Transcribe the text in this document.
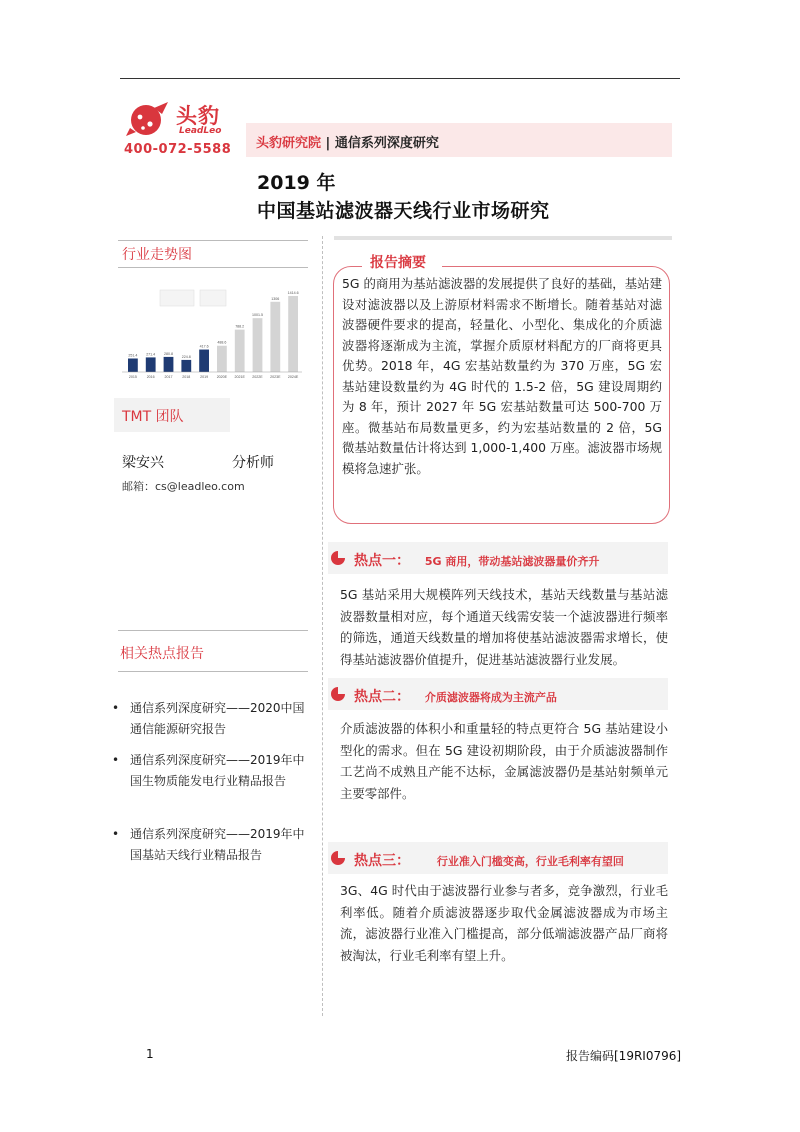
头豹
LeadLeo
400-072-5588 头豹研究院 | 通信系列深度研究
2019 年
中国基站滤波器天线行业市场研究
行业走势图
251.4
2015
271.4
2016
280.8
2017
224.8
2018
417.6
2019
488.6
2020E
788.2
2021E
1001.5
2022E
1306
2023E
1414.6
2024E
TMT 团队
梁安兴	分析师
邮箱：cs@leadleo.com
相关热点报告
• 通信系列深度研究——2020中国通信能源研究报告
• 通信系列深度研究——2019年中国生物质能发电行业精品报告
• 通信系列深度研究——2019年中国基站天线行业精品报告
报告摘要
5G 的商用为基站滤波器的发展提供了良好的基础，基站建设对滤波器以及上游原材料需求不断增长。随着基站对滤波器硬件要求的提高，轻量化、小型化、集成化的介质滤波器将逐渐成为主流，掌握介质原材料配方的厂商将更具优势。2018 年，4G 宏基站数量约为 370 万座，5G 宏基站建设数量约为 4G 时代的 1.5-2 倍，5G 建设周期约为 8 年，预计 2027 年 5G 宏基站数量可达 500-700 万座。微基站布局数量更多，约为宏基站数量的 2 倍，5G 微基站数量估计将达到 1,000-1,400 万座。滤波器市场规模将急速扩张。
热点一： 5G 商用，带动基站滤波器量价齐升
5G 基站采用大规模阵列天线技术，基站天线数量与基站滤波器数量相对应，每个通道天线需安装一个滤波器进行频率的筛选，通道天线数量的增加将使基站滤波器需求增长，使得基站滤波器价值提升，促进基站滤波器行业发展。
热点二： 介质滤波器将成为主流产品
介质滤波器的体积小和重量轻的特点更符合 5G 基站建设小型化的需求。但在 5G 建设初期阶段，由于介质滤波器制作工艺尚不成熟且产能不达标，金属滤波器仍是基站射频单元主要零部件。
热点三： 行业准入门槛变高，行业毛利率有望回
3G、4G 时代由于滤波器行业参与者多，竞争激烈，行业毛利率低。随着介质滤波器逐步取代金属滤波器成为市场主流，滤波器行业准入门槛提高，部分低端滤波器产品厂商将被淘汰，行业毛利率有望上升。
1	报告编码[19RI0796]
